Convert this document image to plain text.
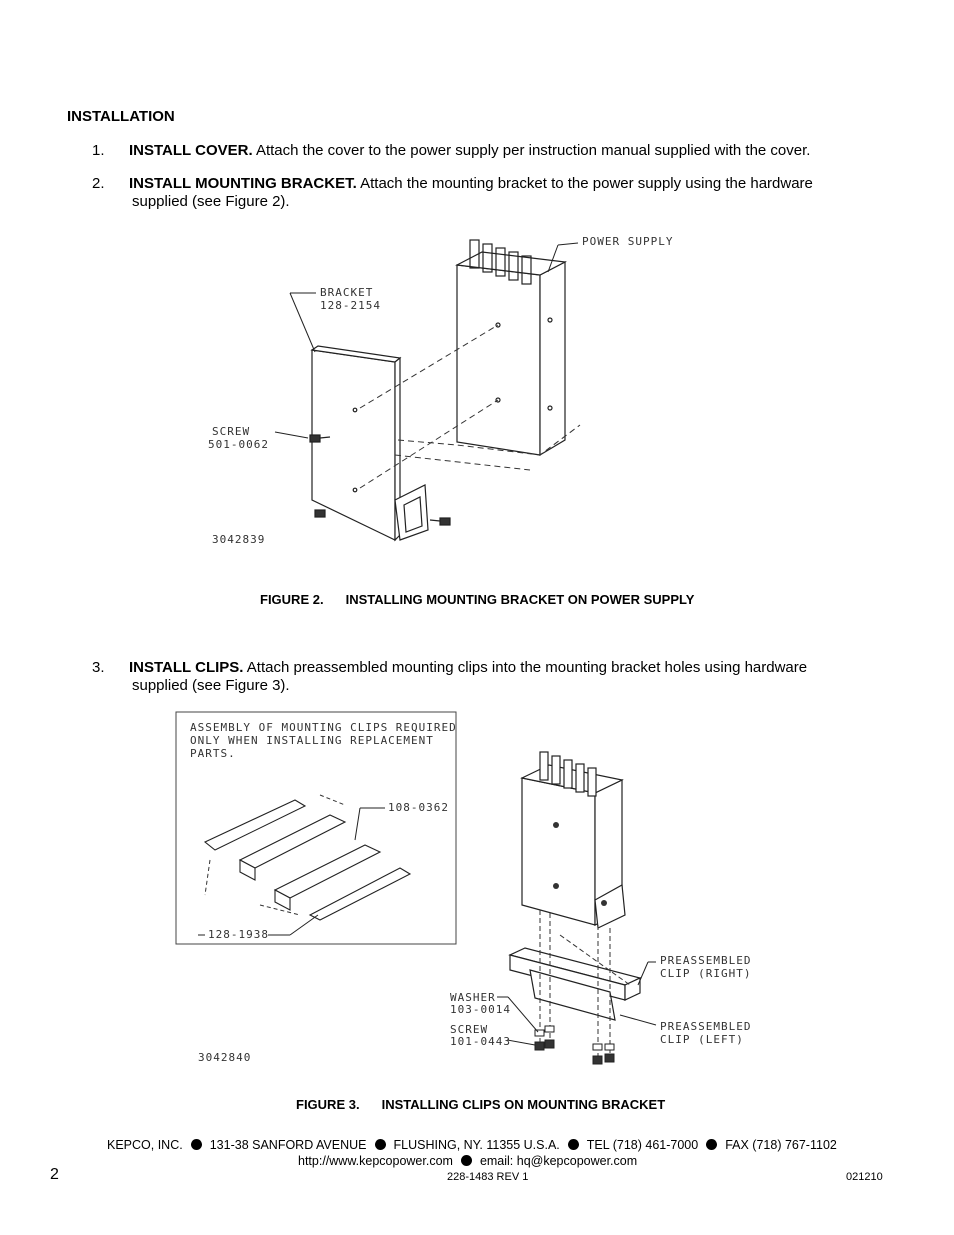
INSTALLATION
1. INSTALL COVER. Attach the cover to the power supply per instruction manual supplied with the cover.
2. INSTALL MOUNTING BRACKET. Attach the mounting bracket to the power supply using the hardware
supplied (see Figure 2).
POWER SUPPLY
BRACKET
128-2154
SCREW
501-0062
3042839
FIGURE 2. INSTALLING MOUNTING BRACKET ON POWER SUPPLY
3. INSTALL CLIPS. Attach preassembled mounting clips into the mounting bracket holes using hardware
supplied (see Figure 3).
ASSEMBLY OF MOUNTING CLIPS REQUIRED
ONLY WHEN INSTALLING REPLACEMENT
PARTS.
108-0362
128-1938
PREASSEMBLED
CLIP (RIGHT)
PREASSEMBLED
CLIP (LEFT)
WASHER
103-0014
SCREW
101-0443
3042840
FIGURE 3. INSTALLING CLIPS ON MOUNTING BRACKET
KEPCO, INC. 131-38 SANFORD AVENUE FLUSHING, NY. 11355 U.S.A. TEL (718) 461-7000 FAX (718) 767-1102
http://www.kepcopower.com email: hq@kepcopower.com
2	228-1483 REV 1	021210
